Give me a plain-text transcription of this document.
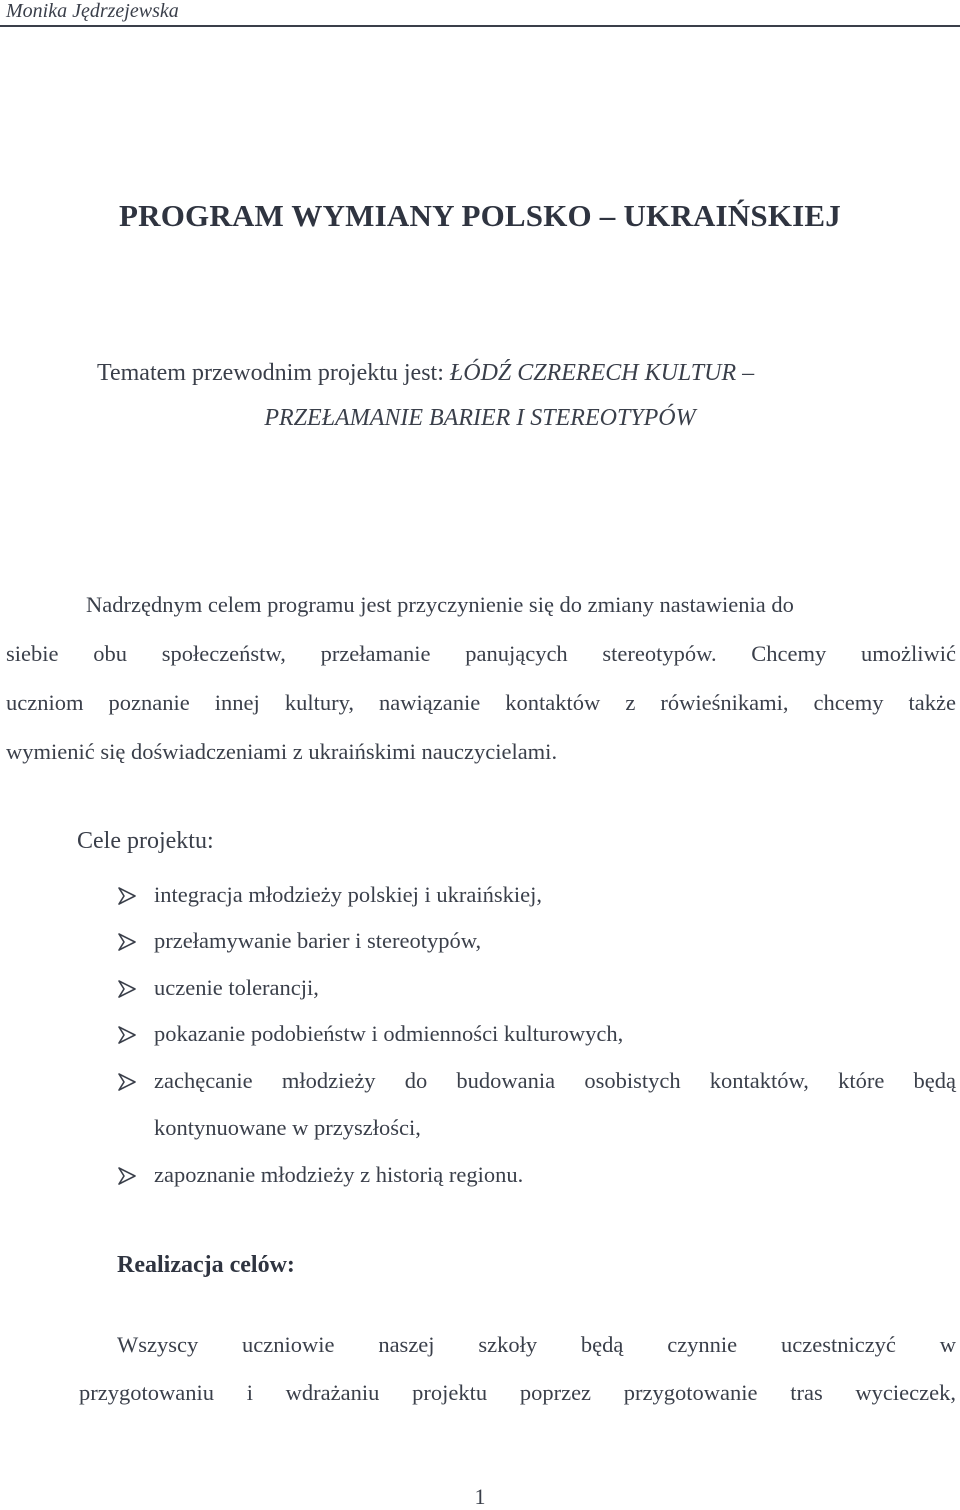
Monika Jędrzejewska
PROGRAM WYMIANY POLSKO – UKRAIŃSKIEJ
Tematem przewodnim projektu jest: ŁÓDŹ CZRERECH KULTUR –
PRZEŁAMANIE BARIER I STEREOTYPÓW
Nadrzędnym celem programu jest przyczynienie się do zmiany nastawienia do
siebie obu społeczeństw, przełamanie panujących stereotypów. Chcemy umożliwić
uczniom poznanie innej kultury, nawiązanie kontaktów z rówieśnikami, chcemy także
wymienić się doświadczeniami z ukraińskimi nauczycielami.
Cele projektu:
integracja młodzieży polskiej i ukraińskiej,
przełamywanie barier i stereotypów,
uczenie tolerancji,
pokazanie podobieństw i odmienności kulturowych,
zachęcanie młodzieży do budowania osobistych kontaktów, które będą
kontynuowane w przyszłości,
zapoznanie młodzieży z historią regionu.
Realizacja celów:
Wszyscy uczniowie naszej szkoły będą czynnie uczestniczyć w
przygotowaniu i wdrażaniu projektu poprzez przygotowanie tras wycieczek,
1
